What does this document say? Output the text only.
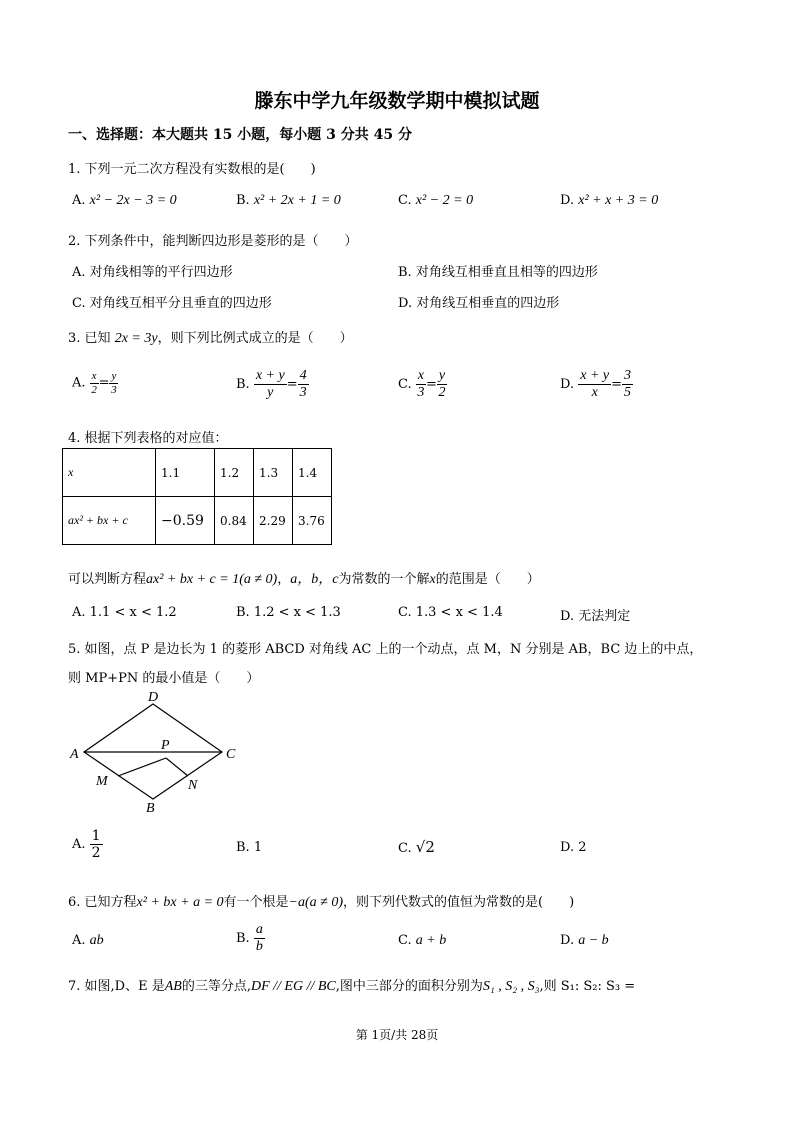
滕东中学九年级数学期中模拟试题
一、选择题：本大题共 15 小题，每小题 3 分共 45 分
1. 下列一元二次方程没有实数根的是(　　)
A. x² − 2x − 3 = 0	B. x² + 2x + 1 = 0	C. x² − 2 = 0	D. x² + x + 3 = 0
2. 下列条件中，能判断四边形是菱形的是（　　）
A. 对角线相等的平行四边形	B. 对角线互相垂直且相等的四边形
C. 对角线互相平分且垂直的四边形	D. 对角线互相垂直的四边形
3. 已知 2x = 3y，则下列比例式成立的是（　　）
A. $\frac{x}{2} = \frac{y}{3}$	B. $\frac{x + y}{y} = \frac{4}{3}$	C. $\frac{x}{3} = \frac{y}{2}$	D. $\frac{x + y}{x} = \frac{3}{5}$
4. 根据下列表格的对应值：
x	1.1	1.2	1.3	1.4
ax² + bx + c	−0.59	0.84	2.29	3.76
可以判断方程ax² + bx + c = 1(a ≠ 0)，a，b，c为常数的一个解x的范围是（　　）
A. 1.1 < x < 1.2	B. 1.2 < x < 1.3	C. 1.3 < x < 1.4	D. 无法判定
5. 如图，点 P 是边长为 1 的菱形 ABCD 对角线 AC 上的一个动点，点 M，N 分别是 AB，BC 边上的中点，
则 MP+PN 的最小值是（　　）
D
A
P
C
M	N
B
A. $\frac{1}{2}$	B. 1	C. √2	D. 2
6. 已知方程x² + bx + a = 0有一个根是−a(a ≠ 0)，则下列代数式的值恒为常数的是(　　)
A. ab	B. $\frac{a}{b}$	C. a + b	D. a − b
7. 如图,D、E 是AB的三等分点,DF // EG // BC,图中三部分的面积分别为S₁ , S₂ , S₃,则 S₁: S₂: S₃ =
第 1页/共 28页
